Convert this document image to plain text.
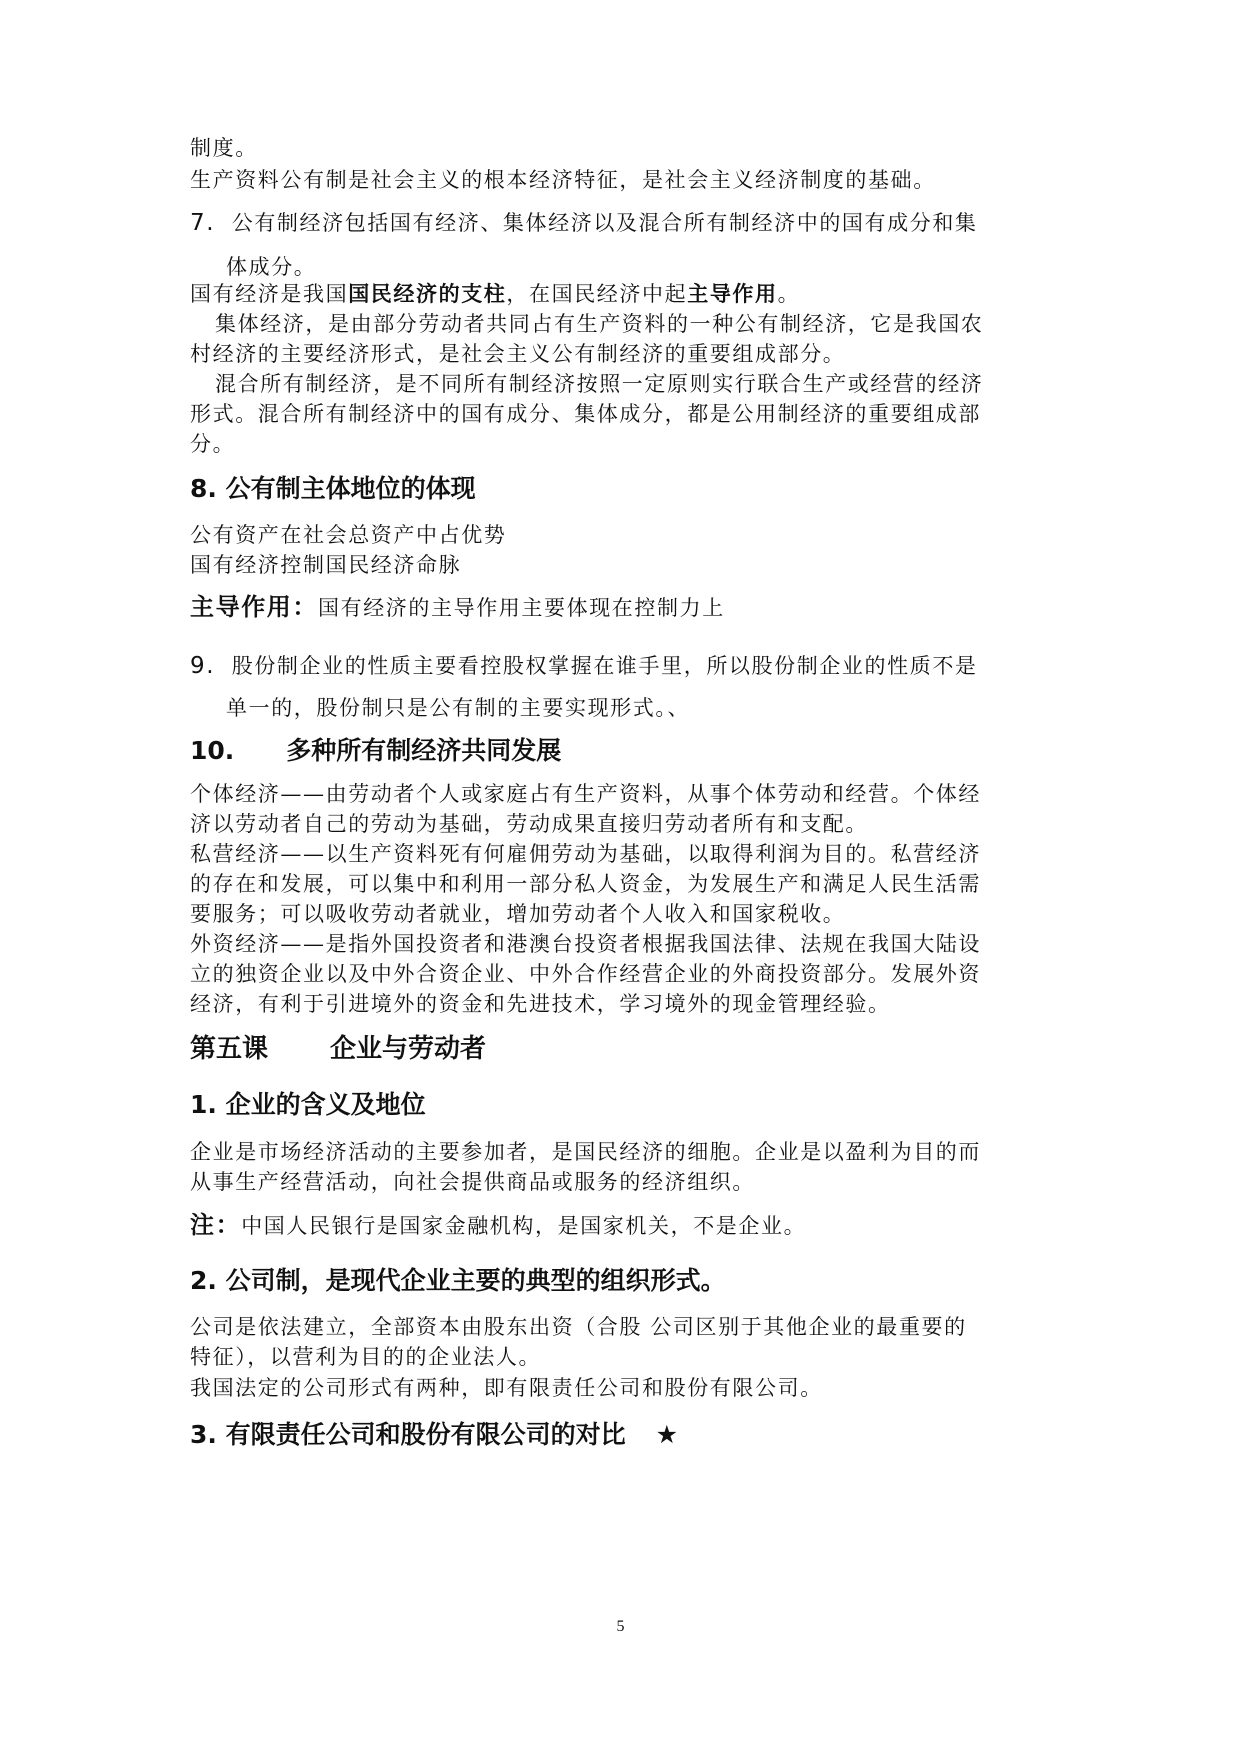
制度。
生产资料公有制是社会主义的根本经济特征，是社会主义经济制度的基础。
7. 公有制经济包括国有经济、集体经济以及混合所有制经济中的国有成分和集
体成分。
国有经济是我国国民经济的支柱，在国民经济中起主导作用。
集体经济，是由部分劳动者共同占有生产资料的一种公有制经济，它是我国农
村经济的主要经济形式，是社会主义公有制经济的重要组成部分。
混合所有制经济，是不同所有制经济按照一定原则实行联合生产或经营的经济
形式。混合所有制经济中的国有成分、集体成分，都是公用制经济的重要组成部
分。
8. 公有制主体地位的体现
公有资产在社会总资产中占优势
国有经济控制国民经济命脉
主导作用：国有经济的主导作用主要体现在控制力上
9. 股份制企业的性质主要看控股权掌握在谁手里，所以股份制企业的性质不是
单一的，股份制只是公有制的主要实现形式。、
10. 多种所有制经济共同发展
个体经济——由劳动者个人或家庭占有生产资料，从事个体劳动和经营。个体经
济以劳动者自己的劳动为基础，劳动成果直接归劳动者所有和支配。
私营经济——以生产资料死有何雇佣劳动为基础，以取得利润为目的。私营经济
的存在和发展，可以集中和利用一部分私人资金，为发展生产和满足人民生活需
要服务；可以吸收劳动者就业，增加劳动者个人收入和国家税收。
外资经济——是指外国投资者和港澳台投资者根据我国法律、法规在我国大陆设
立的独资企业以及中外合资企业、中外合作经营企业的外商投资部分。发展外资
经济，有利于引进境外的资金和先进技术，学习境外的现金管理经验。
第五课 企业与劳动者
1. 企业的含义及地位
企业是市场经济活动的主要参加者，是国民经济的细胞。企业是以盈利为目的而
从事生产经营活动，向社会提供商品或服务的经济组织。
注：中国人民银行是国家金融机构，是国家机关，不是企业。
2. 公司制，是现代企业主要的典型的组织形式。
公司是依法建立，全部资本由股东出资（合股 公司区别于其他企业的最重要的
特征），以营利为目的的企业法人。
我国法定的公司形式有两种，即有限责任公司和股份有限公司。
3. 有限责任公司和股份有限公司的对比 ★
5
